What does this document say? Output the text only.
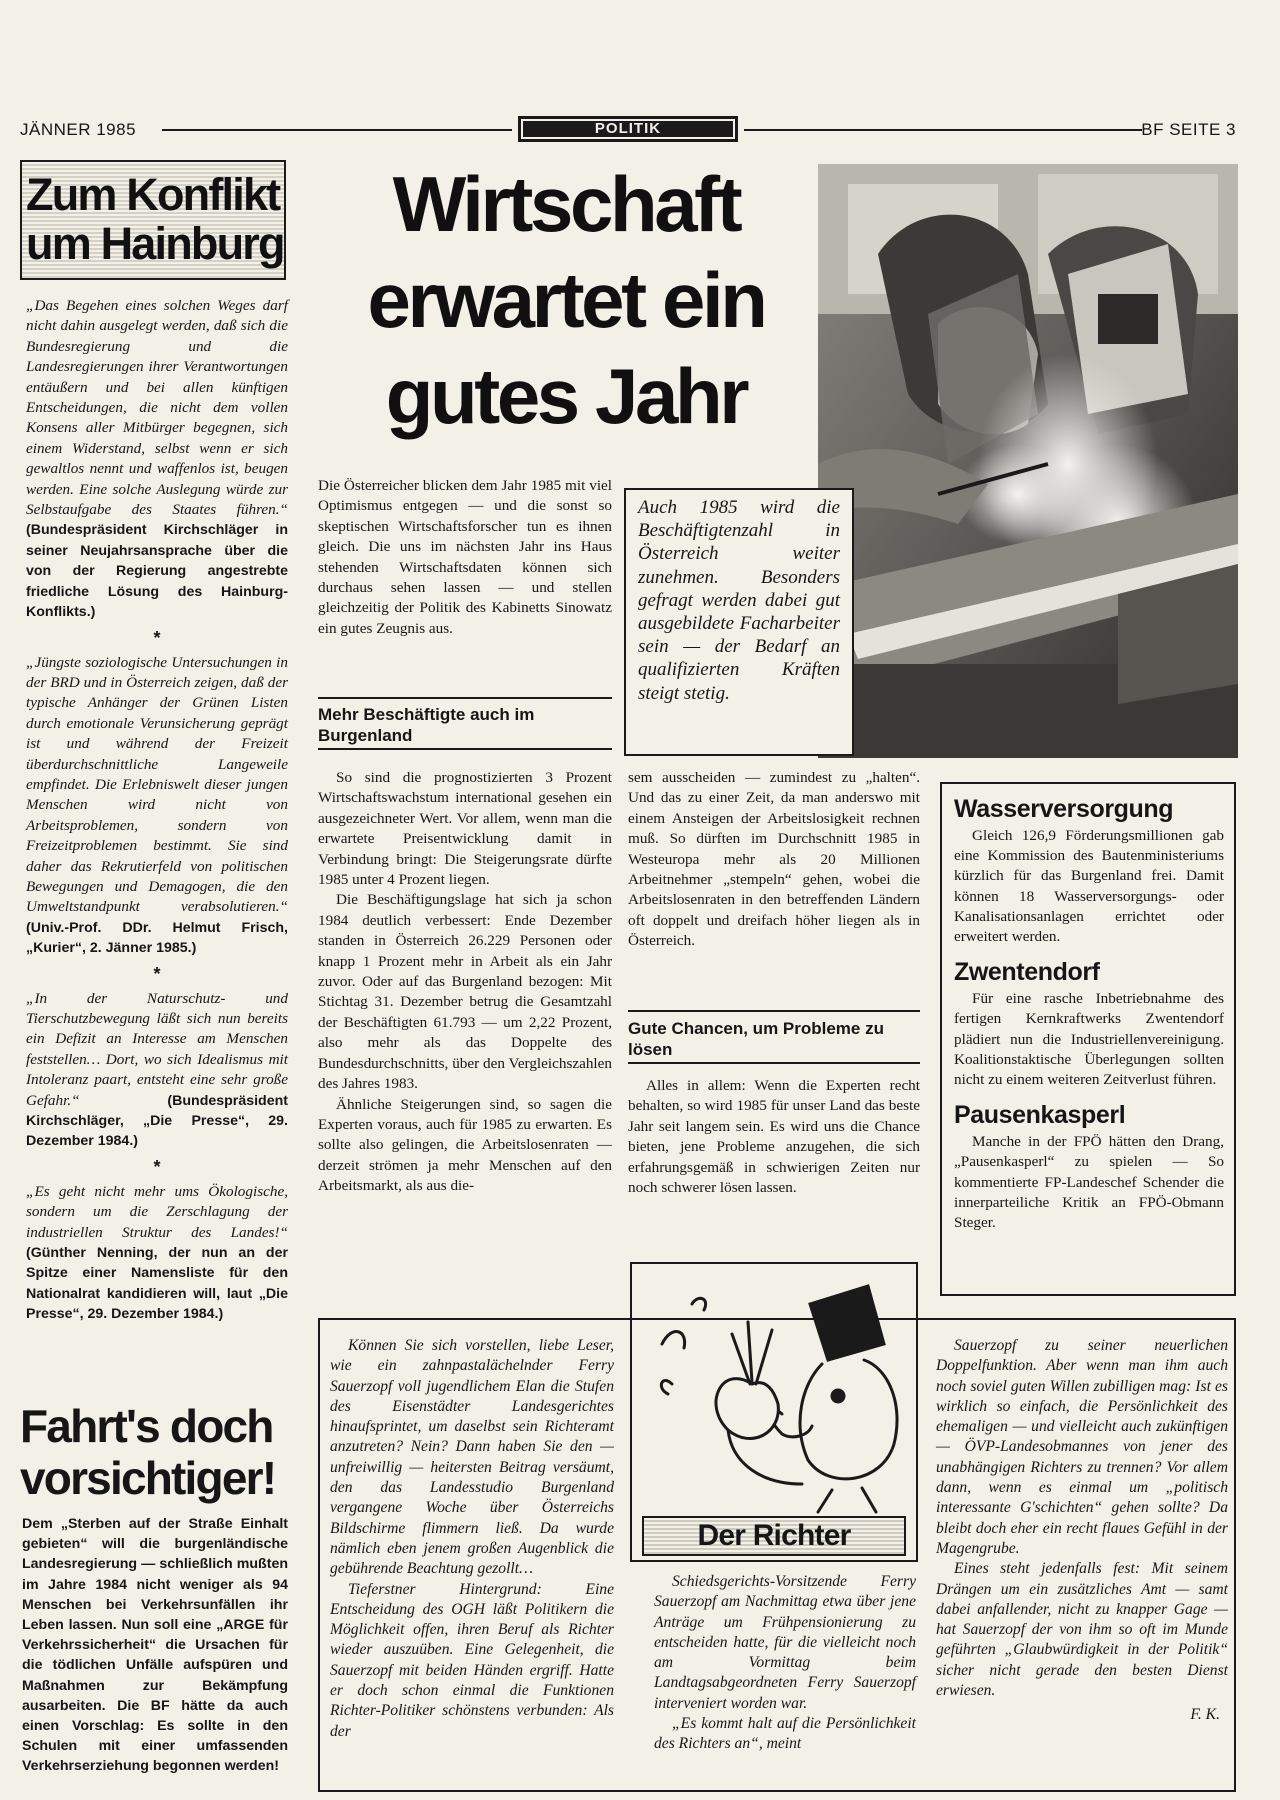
JÄNNER 1985	POLITIK	BF SEITE 3
Zum Konflikt um Hainburg

„Das Begehen eines solchen Weges darf nicht dahin ausgelegt werden, daß sich die Bundesregierung und die Landesregierungen ihrer Verantwortungen entäußern und bei allen künftigen Entscheidungen, die nicht dem vollen Konsens aller Mitbürger begegnen, sich einem Widerstand, selbst wenn er sich gewaltlos nennt und waffenlos ist, beugen werden. Eine solche Auslegung würde zur Selbstaufgabe des Staates führen.“ (Bundespräsident Kirchschläger in seiner Neujahrsansprache über die von der Regierung angestrebte friedliche Lösung des Hainburg-Konflikts.)

*

„Jüngste soziologische Untersuchungen in der BRD und in Österreich zeigen, daß der typische Anhänger der Grünen Listen durch emotionale Verunsicherung geprägt ist und während der Freizeit überdurchschnittliche Langeweile empfindet. Die Erlebniswelt dieser jungen Menschen wird nicht von Arbeitsproblemen, sondern von Freizeitproblemen bestimmt. Sie sind daher das Rekrutierfeld von politischen Bewegungen und Demagogen, die den Umweltstandpunkt verabsolutieren.“ (Univ.-Prof. DDr. Helmut Frisch, „Kurier“, 2. Jänner 1985.)

*

„In der Naturschutz- und Tierschutzbewegung läßt sich nun bereits ein Defizit an Interesse am Menschen feststellen… Dort, wo sich Idealismus mit Intoleranz paart, entsteht eine sehr große Gefahr.“	(Bundespräsident Kirchschläger, „Die Presse“, 29. Dezember 1984.)

*

„Es geht nicht mehr ums Ökologische, sondern um die Zerschlagung der industriellen Struktur des Landes!“ (Günther Nenning, der nun an der Spitze einer Namensliste für den Nationalrat kandidieren will, laut „Die Presse“, 29. Dezember 1984.)

Fahrt's doch vorsichtiger!
Dem „Sterben auf der Straße Einhalt gebieten“ will die burgenländische Landesregierung — schließlich mußten im Jahre 1984 nicht weniger als 94 Menschen bei Verkehrsunfällen ihr Leben lassen. Nun soll eine „ARGE für Verkehrssicherheit“ die Ursachen für die tödlichen Unfälle aufspüren und Maßnahmen zur Bekämpfung ausarbeiten. Die BF hätte da auch einen Vorschlag: Es sollte in den Schulen mit einer umfassenden Verkehrserziehung begonnen werden!
Wirtschaft erwartet ein gutes Jahr
Die Österreicher blicken dem Jahr 1985 mit viel Optimismus entgegen — und die sonst so skeptischen Wirtschaftsforscher tun es ihnen gleich. Die uns im nächsten Jahr ins Haus stehenden Wirtschaftsdaten können sich durchaus sehen lassen — und stellen gleichzeitig der Politik des Kabinetts Sinowatz ein gutes Zeugnis aus.
Auch 1985 wird die Beschäftigtenzahl in Österreich weiter zunehmen. Besonders gefragt werden dabei gut ausgebildete Facharbeiter sein — der Bedarf an qualifizierten Kräften steigt stetig.
Mehr Beschäftigte auch im Burgenland

So sind die prognostizierten 3 Prozent Wirtschaftswachstum international gesehen ein ausgezeichneter Wert. Vor allem, wenn man die erwartete Preisentwicklung damit in Verbindung bringt: Die Steigerungsrate dürfte 1985 unter 4 Prozent liegen.

Die Beschäftigungslage hat sich ja schon 1984 deutlich verbessert: Ende Dezember standen in Österreich 26.229 Personen oder knapp 1 Prozent mehr in Arbeit als ein Jahr zuvor. Oder auf das Burgenland bezogen: Mit Stichtag 31. Dezember betrug die Gesamtzahl der Beschäftigten 61.793 — um 2,22 Prozent, also mehr als das Doppelte des Bundesdurchschnitts, über den Vergleichszahlen des Jahres 1983.

Ähnliche Steigerungen sind, so sagen die Experten voraus, auch für 1985 zu erwarten. Es sollte also gelingen, die Arbeitslosenraten — derzeit strömen ja mehr Menschen auf den Arbeitsmarkt, als aus die-

sem ausscheiden — zumindest zu „halten“. Und das zu einer Zeit, da man anderswo mit einem Ansteigen der Arbeitslosigkeit rechnen muß. So dürften im Durchschnitt 1985 in Westeuropa mehr als 20 Millionen Arbeitnehmer „stempeln“ gehen, wobei die Arbeitslosenraten in den betreffenden Ländern oft doppelt und dreifach höher liegen als in Österreich.

Gute Chancen, um Probleme zu lösen

Alles in allem: Wenn die Experten recht behalten, so wird 1985 für unser Land das beste Jahr seit langem sein. Es wird uns die Chance bieten, jene Probleme anzugehen, die sich erfahrungsgemäß in schwierigen Zeiten nur noch schwerer lösen lassen.

Wasserversorgung

Gleich 126,9 Förderungsmillionen gab eine Kommission des Bautenministeriums kürzlich für das Burgenland frei. Damit können 18 Wasserversorgungs- oder Kanalisationsanlagen errichtet oder erweitert werden.

Zwentendorf

Für eine rasche Inbetriebnahme des fertigen Kernkraftwerks Zwentendorf plädiert nun die Industriellenvereinigung. Koalitionstaktische Überlegungen sollten nicht zu einem weiteren Zeitverlust führen.

Pausenkasperl

Manche in der FPÖ hätten den Drang, „Pausenkasperl“ zu spielen — So kommentierte FP-Landeschef Schender die innerparteiliche Kritik an FPÖ-Obmann Steger.

Der Richter

Können Sie sich vorstellen, liebe Leser, wie ein zahnpastalächelnder Ferry Sauerzopf voll jugendlichem Elan die Stufen des Eisenstädter Landesgerichtes hinaufsprintet, um daselbst sein Richteramt anzutreten? Nein? Dann haben Sie den — unfreiwillig — heitersten Beitrag versäumt, den das Landesstudio Burgenland vergangene Woche über Österreichs Bildschirme flimmern ließ. Da wurde nämlich eben jenem großen Augenblick die gebührende Beachtung gezollt…

Tieferstner Hintergrund: Eine Entscheidung des OGH läßt Politikern die Möglichkeit offen, ihren Beruf als Richter wieder auszuüben. Eine Gelegenheit, die Sauerzopf mit beiden Händen ergriff. Hatte er doch schon einmal die Funktionen Richter-Politiker schönstens verbunden: Als der

Schiedsgerichts-Vorsitzende Ferry Sauerzopf am Nachmittag etwa über jene Anträge um Frühpensionierung zu entscheiden hatte, für die vielleicht noch am Vormittag beim Landtagsabgeordneten Ferry Sauerzopf interveniert worden war.

„Es kommt halt auf die Persönlichkeit des Richters an“, meint

Sauerzopf zu seiner neuerlichen Doppelfunktion. Aber wenn man ihm auch noch soviel guten Willen zubilligen mag: Ist es wirklich so einfach, die Persönlichkeit des ehemaligen — und vielleicht auch zukünftigen — ÖVP-Landesobmannes von jener des unabhängigen Richters zu trennen? Vor allem dann, wenn es einmal um „politisch interessante G'schichten“ gehen sollte? Da bleibt doch eher ein recht flaues Gefühl in der Magengrube.

Eines steht jedenfalls fest: Mit seinem Drängen um ein zusätzliches Amt — samt dabei anfallender, nicht zu knapper Gage — hat Sauerzopf der von ihm so oft im Munde geführten „Glaubwürdigkeit in der Politik“ sicher nicht gerade den besten Dienst erwiesen.

F. K.
